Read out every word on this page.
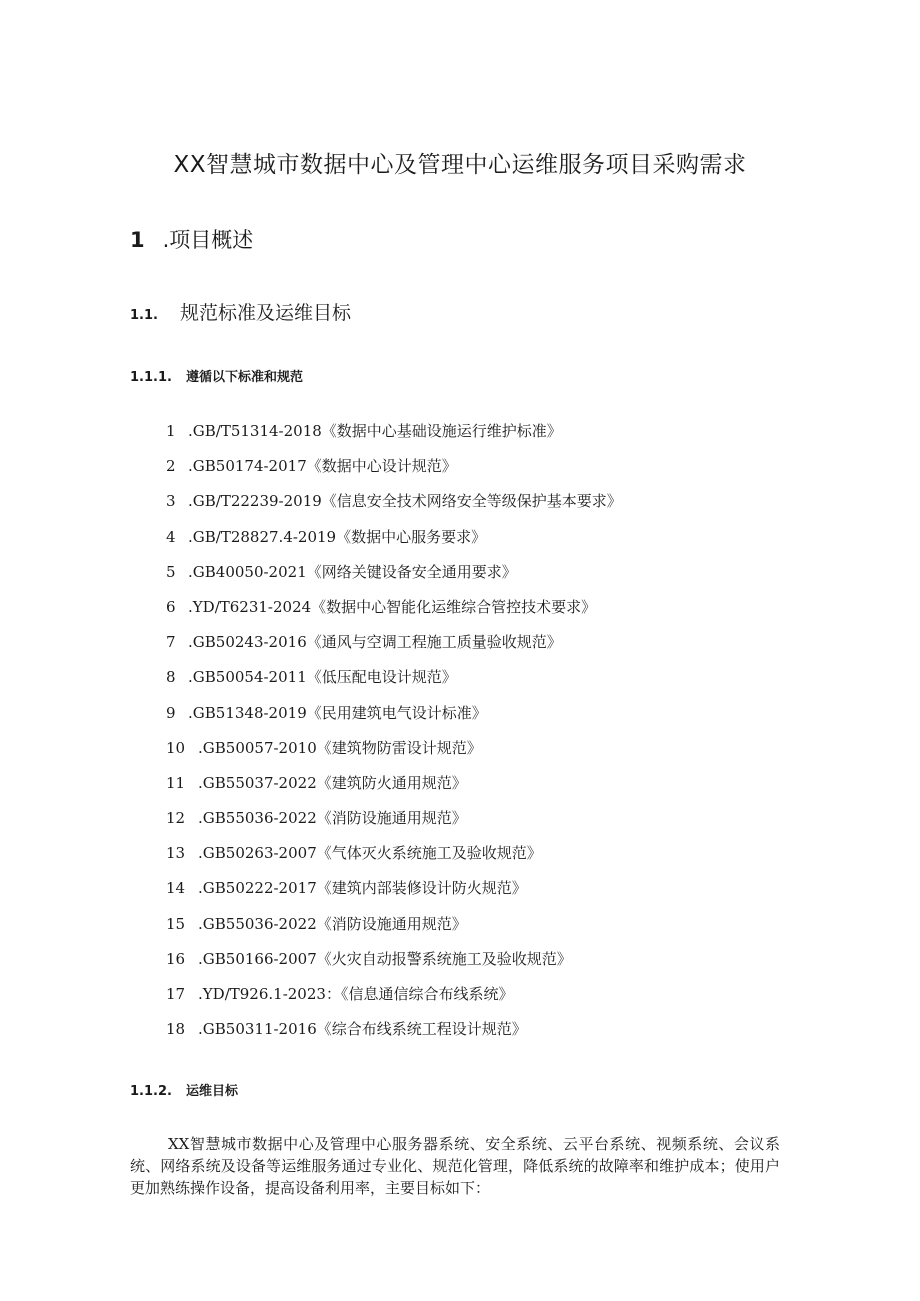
XX智慧城市数据中心及管理中心运维服务项目采购需求
1 .项目概述
1.1. 规范标准及运维目标
1.1.1. 遵循以下标准和规范
1 .GB/T51314-2018《数据中心基础设施运行维护标准》
2 .GB50174-2017《数据中心设计规范》
3 .GB/T22239-2019《信息安全技术网络安全等级保护基本要求》
4 .GB/T28827.4-2019《数据中心服务要求》
5 .GB40050-2021《网络关键设备安全通用要求》
6 .YD/T6231-2024《数据中心智能化运维综合管控技术要求》
7 .GB50243-2016《通风与空调工程施工质量验收规范》
8 .GB50054-2011《低压配电设计规范》
9 .GB51348-2019《民用建筑电气设计标准》
10 .GB50057-2010《建筑物防雷设计规范》
11 .GB55037-2022《建筑防火通用规范》
12 .GB55036-2022《消防设施通用规范》
13 .GB50263-2007《气体灭火系统施工及验收规范》
14 .GB50222-2017《建筑内部装修设计防火规范》
15 .GB55036-2022《消防设施通用规范》
16 .GB50166-2007《火灾自动报警系统施工及验收规范》
17 .YD/T926.1-2023：《信息通信综合布线系统》
18 .GB50311-2016《综合布线系统工程设计规范》
1.1.2. 运维目标
XX智慧城市数据中心及管理中心服务器系统、安全系统、云平台系统、视频系统、会议系统、网络系统及设备等运维服务通过专业化、规范化管理，降低系统的故障率和维护成本；使用户更加熟练操作设备，提高设备利用率，主要目标如下：
